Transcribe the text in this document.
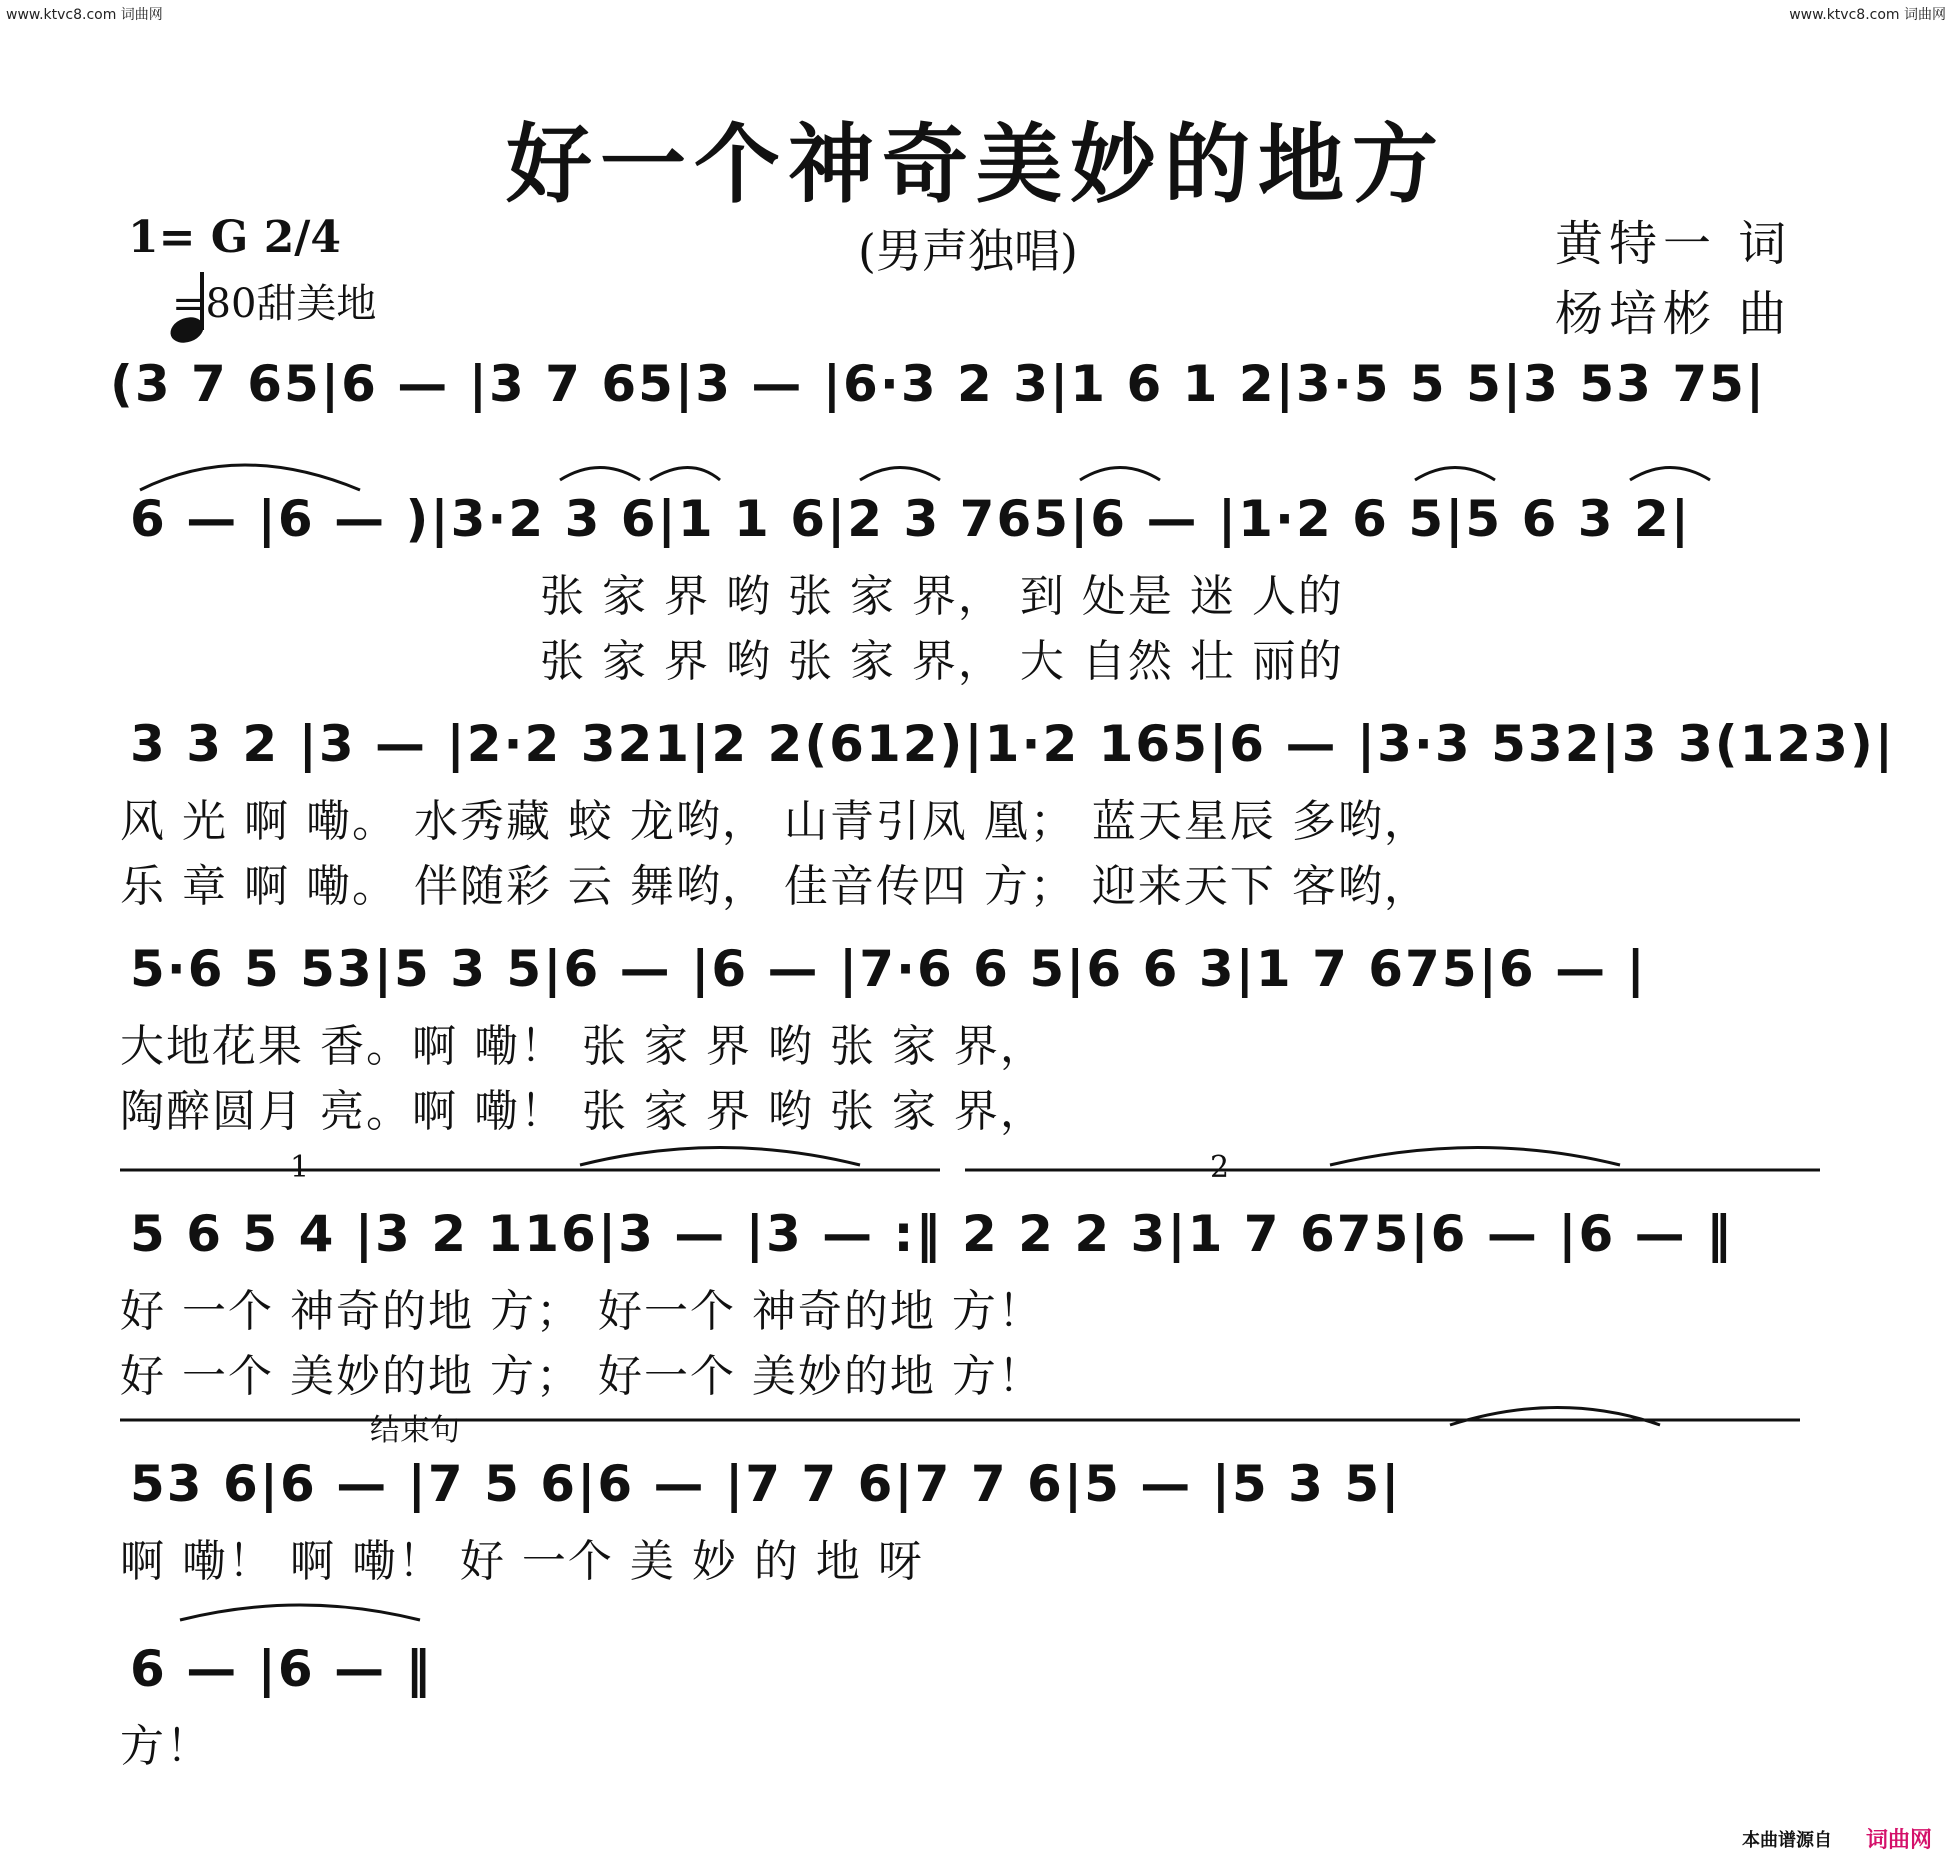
www.ktvc8.com 词曲网	www.ktvc8.com 词曲网
好一个神奇美妙的地方
1= G 2/4	(男声独唱)	黄特一 词
杨培彬 曲
=80甜美地
(3 7 65|6 — |3 7 65|3 — |6·3 2 3|1 6 1 2|3·5 5 5|3 53 75|
6 — |6 — )|3·2 3 6|1 1 6|2 3 765|6 — |1·2 6 5|5 6 3 2|
张 家 界 哟 张 家 界， 到 处是 迷 人的
张 家 界 哟 张 家 界， 大 自然 壮 丽的
3 3 2 |3 — |2·2 321|2 2(612)|1·2 165|6 — |3·3 532|3 3(123)|
风 光 啊 嘞。 水秀藏 蛟 龙哟， 山青引凤 凰； 蓝天星辰 多哟，
乐 章 啊 嘞。 伴随彩 云 舞哟， 佳音传四 方； 迎来天下 客哟，
5·6 5 53|5 3 5|6 — |6 — |7·6 6 5|6 6 3|1 7 675|6 — |
大地花果 香。啊 嘞！ 张 家 界 哟 张 家 界，
陶醉圆月 亮。啊 嘞！ 张 家 界 哟 张 家 界，
1	2
5 6 5 4 |3 2 116|3 — |3 — :‖ 2 2 2 3|1 7 675|6 — |6 — ‖
好 一个 神奇的地 方； 好一个 神奇的地 方！
好 一个 美妙的地 方； 好一个 美妙的地 方！
结束句
53 6|6 — |7 5 6|6 — |7 7 6|7 7 6|5 — |5 3 5|
啊 嘞！ 啊 嘞！ 好 一个 美 妙 的 地 呀
6 — |6 — ‖
方！
本曲谱源自 词曲网
